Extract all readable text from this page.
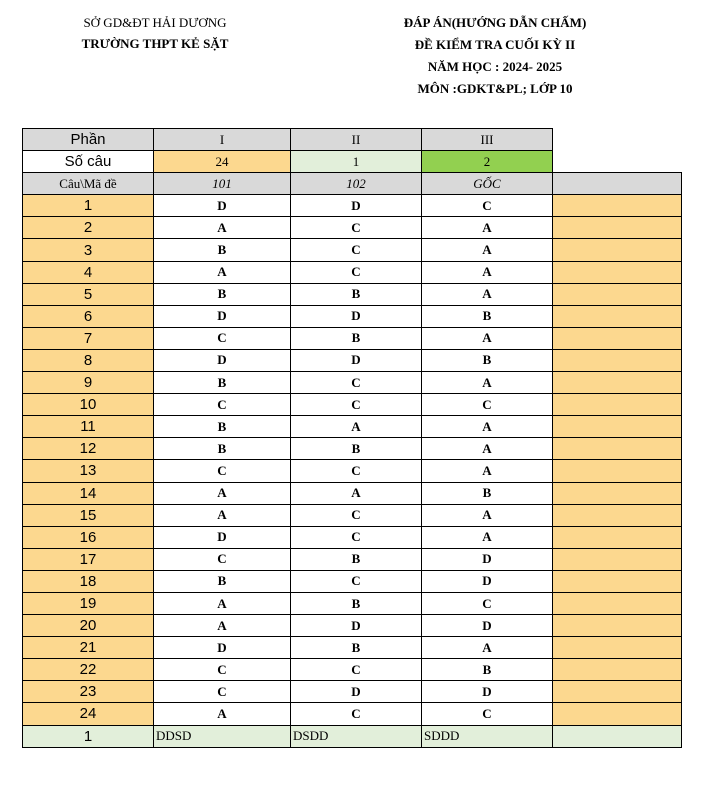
SỞ GD&ĐT HẢI DƯƠNG
TRƯỜNG THPT KẺ SẶT
ĐÁP ÁN(HƯỚNG DẪN CHẤM)
ĐỀ KIỂM TRA CUỐI KỲ II
NĂM HỌC : 2024- 2025
MÔN :GDKT&PL; LỚP 10
Phần	I	II	III	
Số câu	24	1	2	
Câu\Mã đề	101	102	GỐC	
1	D	D	C	
2	A	C	A	
3	B	C	A	
4	A	C	A	
5	B	B	A	
6	D	D	B	
7	C	B	A	
8	D	D	B	
9	B	C	A	
10	C	C	C	
11	B	A	A	
12	B	B	A	
13	C	C	A	
14	A	A	B	
15	A	C	A	
16	D	C	A	
17	C	B	D	
18	B	C	D	
19	A	B	C	
20	A	D	D	
21	D	B	A	
22	C	C	B	
23	C	D	D	
24	A	C	C	
1	DDSD	DSDD	SDDD	
